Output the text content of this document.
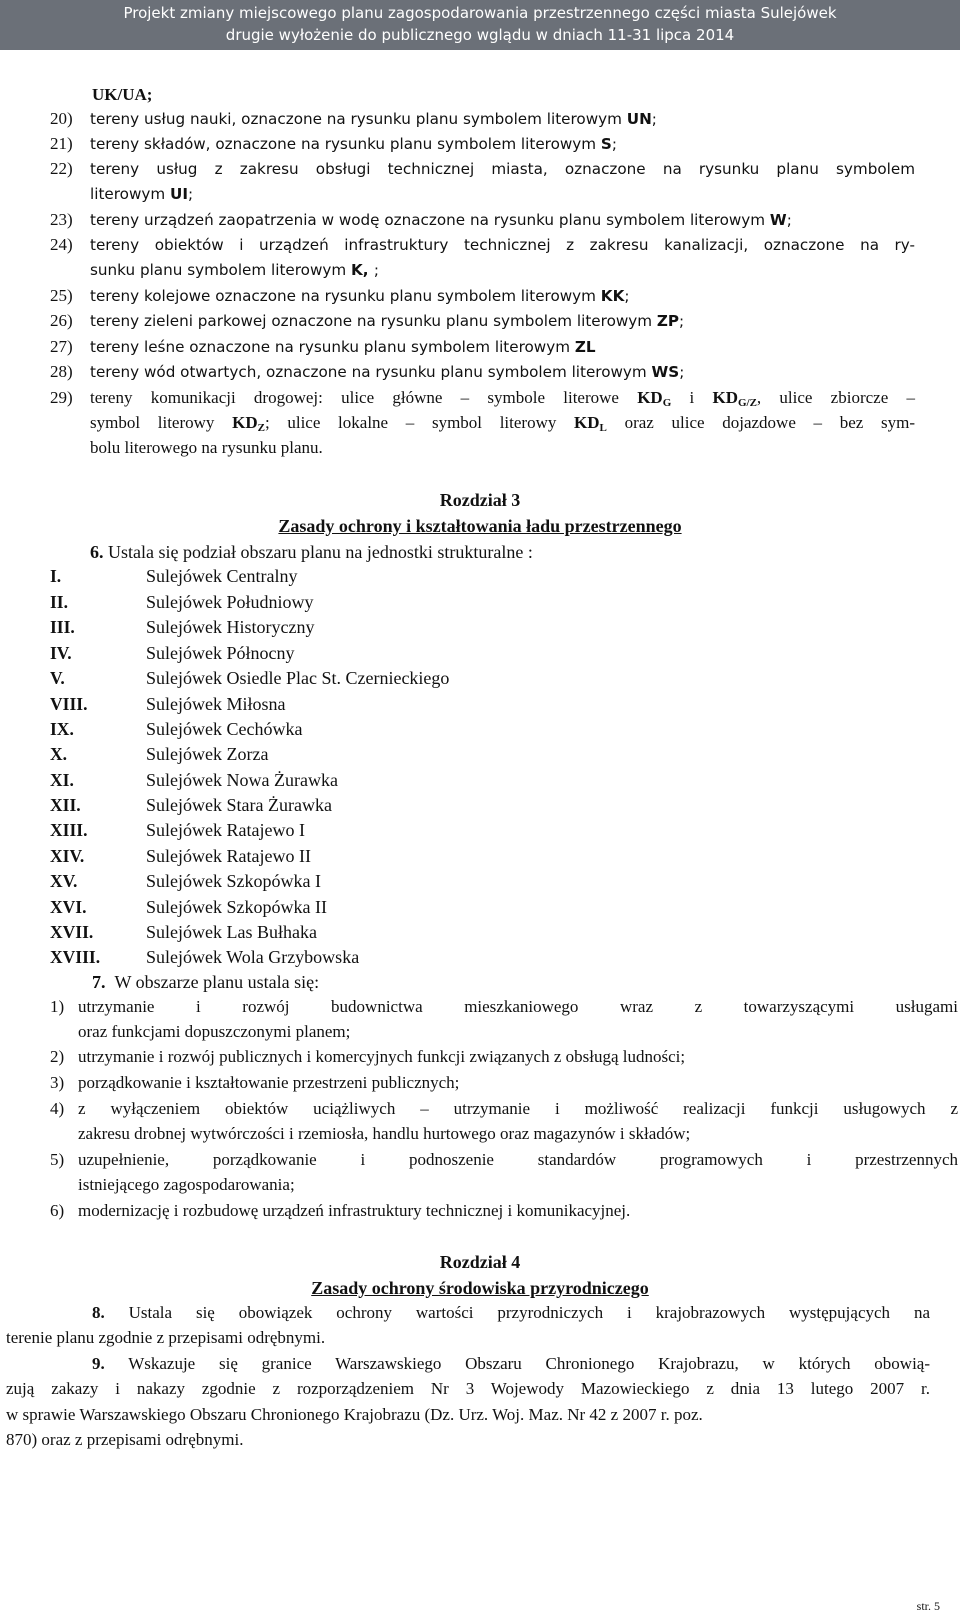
Projekt zmiany miejscowego planu zagospodarowania przestrzennego części miasta Sulejówek
drugie wyłożenie do publicznego wglądu w dniach 11-31 lipca 2014
UK/UA;
20) tereny usług nauki, oznaczone na rysunku planu symbolem literowym UN;
21) tereny składów, oznaczone na rysunku planu symbolem literowym S;
22) tereny usług z zakresu obsługi technicznej miasta, oznaczone na rysunku planu symbolem
literowym UI;
23) tereny urządzeń zaopatrzenia w wodę oznaczone na rysunku planu symbolem literowym W;
24) tereny obiektów i urządzeń infrastruktury technicznej z zakresu kanalizacji, oznaczone na ry-
sunku planu symbolem literowym K, ;
25) tereny kolejowe oznaczone na rysunku planu symbolem literowym KK;
26) tereny zieleni parkowej oznaczone na rysunku planu symbolem literowym ZP;
27) tereny leśne oznaczone na rysunku planu symbolem literowym ZL
28) tereny wód otwartych, oznaczone na rysunku planu symbolem literowym WS;
29) tereny komunikacji drogowej: ulice główne – symbole literowe $KD_G$ i $KD_{G/Z}$, ulice zbiorcze –
symbol literowy $KD_Z$; ulice lokalne – symbol literowy $KD_L$ oraz ulice dojazdowe – bez sym-
bolu literowego na rysunku planu.
Rozdział 3
Zasady ochrony i kształtowania ładu przestrzennego
6. Ustala się podział obszaru planu na jednostki strukturalne :
I.	Sulejówek Centralny
II.	Sulejówek Południowy
III.	Sulejówek Historyczny
IV.	Sulejówek Północny
V.	Sulejówek Osiedle Plac St. Czernieckiego
VIII.	Sulejówek Miłosna
IX.	Sulejówek Cechówka
X.	Sulejówek Zorza
XI.	Sulejówek Nowa Żurawka
XII.	Sulejówek Stara Żurawka
XIII.	Sulejówek Ratajewo I
XIV.	Sulejówek Ratajewo II
XV.	Sulejówek Szkopówka I
XVI.	Sulejówek Szkopówka II
XVII.	Sulejówek Las Bułhaka
XVIII.	Sulejówek Wola Grzybowska
7. W obszarze planu ustala się:
1) utrzymanie i rozwój budownictwa mieszkaniowego wraz z towarzyszącymi usługami
oraz funkcjami dopuszczonymi planem;
2) utrzymanie i rozwój publicznych i komercyjnych funkcji związanych z obsługą ludności;
3) porządkowanie i kształtowanie przestrzeni publicznych;
4) z wyłączeniem obiektów uciążliwych – utrzymanie i możliwość realizacji funkcji usługowych z
zakresu drobnej wytwórczości i rzemiosła, handlu hurtowego oraz magazynów i składów;
5) uzupełnienie, porządkowanie i podnoszenie standardów programowych i przestrzennych
istniejącego zagospodarowania;
6) modernizację i rozbudowę urządzeń infrastruktury technicznej i komunikacyjnej.
Rozdział 4
Zasady ochrony środowiska przyrodniczego
8. Ustala się obowiązek ochrony wartości przyrodniczych i krajobrazowych występujących na
terenie planu zgodnie z przepisami odrębnymi.
9. Wskazuje się granice Warszawskiego Obszaru Chronionego Krajobrazu, w których obowią-
zują zakazy i nakazy zgodnie z rozporządzeniem Nr 3 Wojewody Mazowieckiego z dnia 13 lutego 2007 r.
w sprawie Warszawskiego Obszaru Chronionego Krajobrazu (Dz. Urz. Woj. Maz. Nr 42 z 2007 r. poz.
870) oraz z przepisami odrębnymi.
str. 5
